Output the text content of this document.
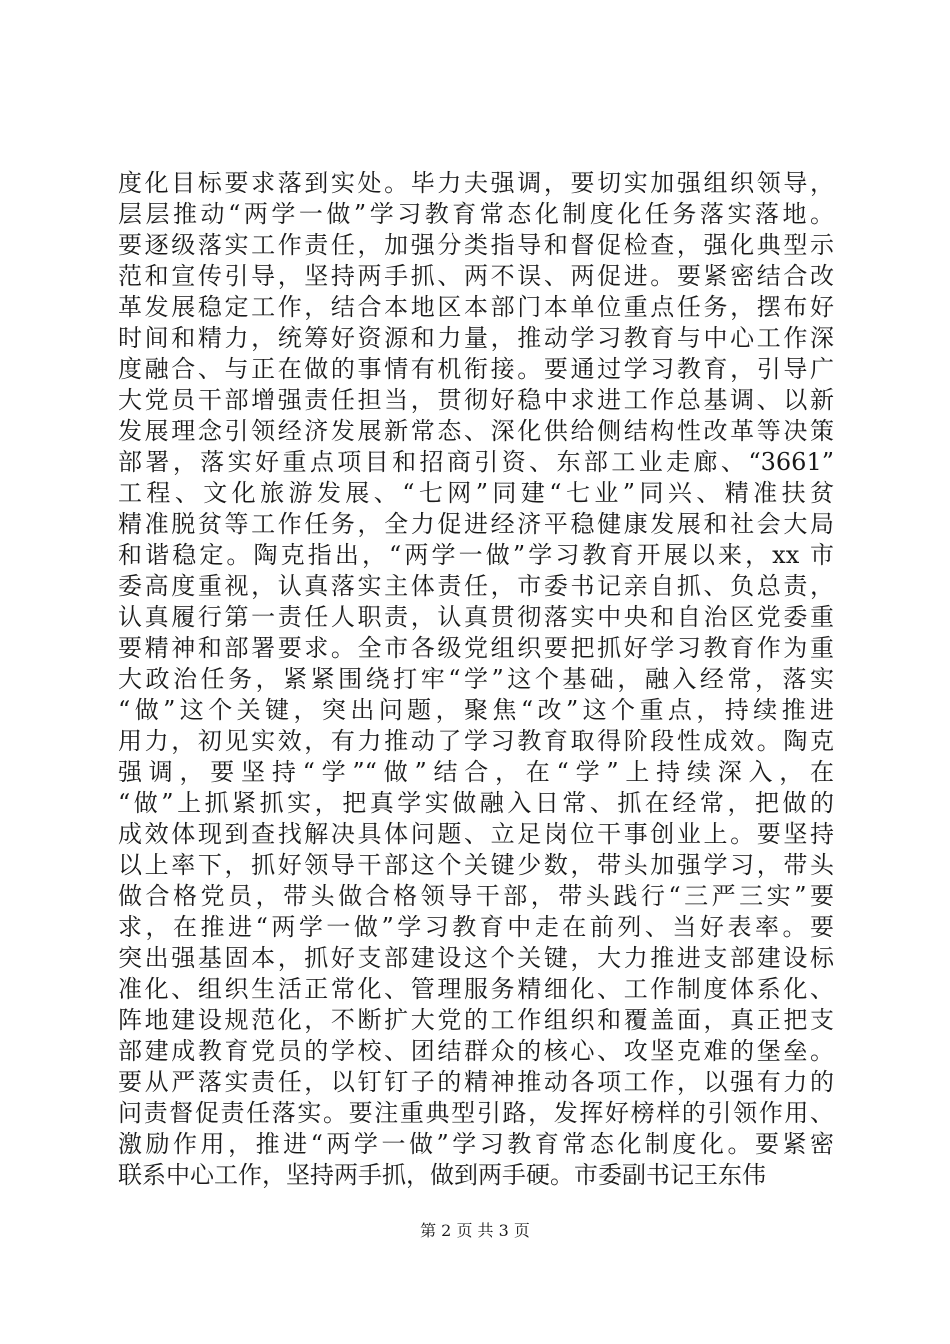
度化目标要求落到实处。毕力夫强调，要切实加强组织领导，
层层推动“两学一做”学习教育常态化制度化任务落实落地。
要逐级落实工作责任，加强分类指导和督促检查，强化典型示
范和宣传引导，坚持两手抓、两不误、两促进。要紧密结合改
革发展稳定工作，结合本地区本部门本单位重点任务，摆布好
时间和精力，统筹好资源和力量，推动学习教育与中心工作深
度融合、与正在做的事情有机衔接。要通过学习教育，引导广
大党员干部增强责任担当，贯彻好稳中求进工作总基调、以新
发展理念引领经济发展新常态、深化供给侧结构性改革等决策
部署，落实好重点项目和招商引资、东部工业走廊、“3661”
工程、文化旅游发展、“七网”同建“七业”同兴、精准扶贫
精准脱贫等工作任务，全力促进经济平稳健康发展和社会大局
和谐稳定。陶克指出，“两学一做”学习教育开展以来，xx 市
委高度重视，认真落实主体责任，市委书记亲自抓、负总责，
认真履行第一责任人职责，认真贯彻落实中央和自治区党委重
要精神和部署要求。全市各级党组织要把抓好学习教育作为重
大政治任务，紧紧围绕打牢“学”这个基础，融入经常，落实
“做”这个关键，突出问题，聚焦“改”这个重点，持续推进
用力，初见实效，有力推动了学习教育取得阶段性成效。陶克
强调，要坚持“学”“做”结合，在“学”上持续深入，在
“做”上抓紧抓实，把真学实做融入日常、抓在经常，把做的
成效体现到查找解决具体问题、立足岗位干事创业上。要坚持
以上率下，抓好领导干部这个关键少数，带头加强学习，带头
做合格党员，带头做合格领导干部，带头践行“三严三实”要
求，在推进“两学一做”学习教育中走在前列、当好表率。要
突出强基固本，抓好支部建设这个关键，大力推进支部建设标
准化、组织生活正常化、管理服务精细化、工作制度体系化、
阵地建设规范化，不断扩大党的工作组织和覆盖面，真正把支
部建成教育党员的学校、团结群众的核心、攻坚克难的堡垒。
要从严落实责任，以钉钉子的精神推动各项工作，以强有力的
问责督促责任落实。要注重典型引路，发挥好榜样的引领作用、
激励作用，推进“两学一做”学习教育常态化制度化。要紧密
联系中心工作，坚持两手抓，做到两手硬。市委副书记王东伟
第 2 页 共 3 页
